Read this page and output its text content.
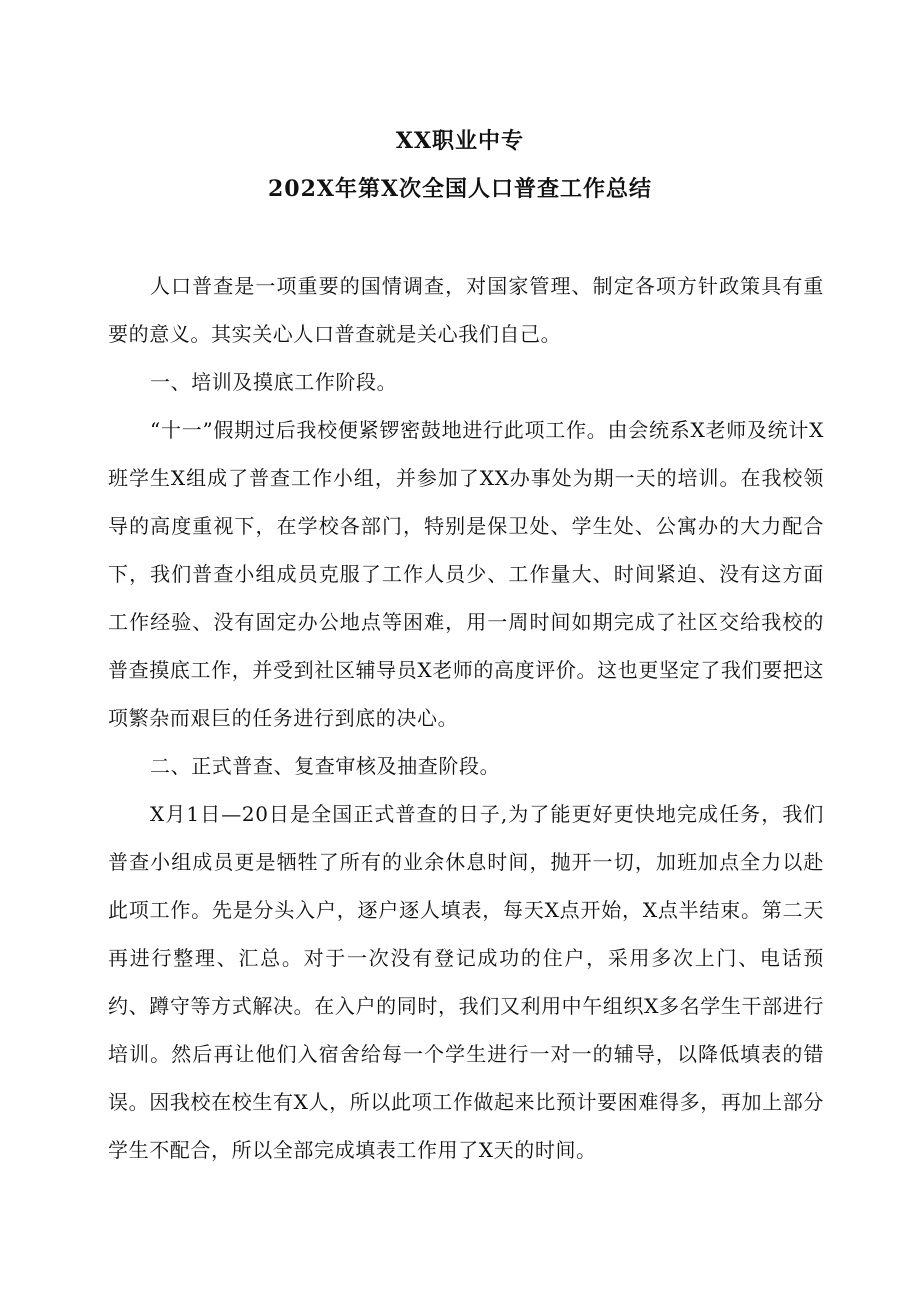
XX职业中专
202X年第X次全国人口普查工作总结

人口普查是一项重要的国情调查，对国家管理、制定各项方针政策具有重要的意义。其实关心人口普查就是关心我们自己。

一、培训及摸底工作阶段。

“十一”假期过后我校便紧锣密鼓地进行此项工作。由会统系X老师及统计X班学生X组成了普查工作小组，并参加了XX办事处为期一天的培训。在我校领导的高度重视下，在学校各部门，特别是保卫处、学生处、公寓办的大力配合下，我们普查小组成员克服了工作人员少、工作量大、时间紧迫、没有这方面工作经验、没有固定办公地点等困难，用一周时间如期完成了社区交给我校的普查摸底工作，并受到社区辅导员X老师的高度评价。这也更坚定了我们要把这项繁杂而艰巨的任务进行到底的决心。

二、正式普查、复查审核及抽查阶段。

X月1日—20日是全国正式普查的日子,为了能更好更快地完成任务，我们普查小组成员更是牺牲了所有的业余休息时间，抛开一切，加班加点全力以赴此项工作。先是分头入户，逐户逐人填表，每天X点开始，X点半结束。第二天再进行整理、汇总。对于一次没有登记成功的住户，采用多次上门、电话预约、蹲守等方式解决。在入户的同时，我们又利用中午组织X多名学生干部进行培训。然后再让他们入宿舍给每一个学生进行一对一的辅导，以降低填表的错误。因我校在校生有X人，所以此项工作做起来比预计要困难得多，再加上部分学生不配合，所以全部完成填表工作用了X天的时间。
